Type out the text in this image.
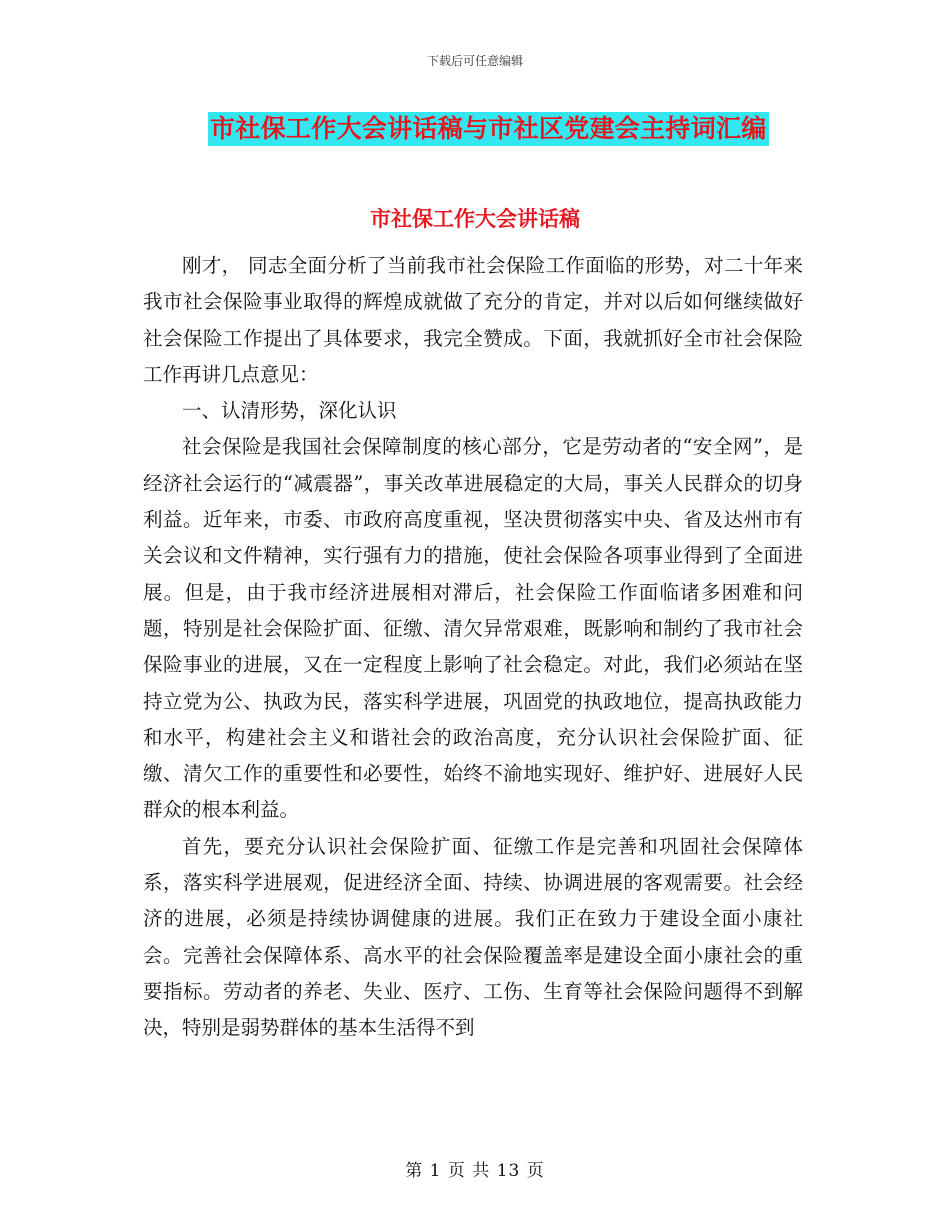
下载后可任意编辑
市社保工作大会讲话稿与市社区党建会主持词汇编
市社保工作大会讲话稿

刚才， 同志全面分析了当前我市社会保险工作面临的形势，对二十年来我市社会保险事业取得的辉煌成就做了充分的肯定，并对以后如何继续做好社会保险工作提出了具体要求，我完全赞成。下面，我就抓好全市社会保险工作再讲几点意见：

一、认清形势，深化认识

社会保险是我国社会保障制度的核心部分，它是劳动者的“安全网”，是经济社会运行的“减震器”，事关改革进展稳定的大局，事关人民群众的切身利益。近年来，市委、市政府高度重视，坚决贯彻落实中央、省及达州市有关会议和文件精神，实行强有力的措施，使社会保险各项事业得到了全面进展。但是，由于我市经济进展相对滞后，社会保险工作面临诸多困难和问题，特别是社会保险扩面、征缴、清欠异常艰难，既影响和制约了我市社会保险事业的进展，又在一定程度上影响了社会稳定。对此，我们必须站在坚持立党为公、执政为民，落实科学进展，巩固党的执政地位，提高执政能力和水平，构建社会主义和谐社会的政治高度，充分认识社会保险扩面、征缴、清欠工作的重要性和必要性，始终不渝地实现好、维护好、进展好人民群众的根本利益。

首先，要充分认识社会保险扩面、征缴工作是完善和巩固社会保障体系，落实科学进展观，促进经济全面、持续、协调进展的客观需要。社会经济的进展，必须是持续协调健康的进展。我们正在致力于建设全面小康社会。完善社会保障体系、高水平的社会保险覆盖率是建设全面小康社会的重要指标。劳动者的养老、失业、医疗、工伤、生育等社会保险问题得不到解决，特别是弱势群体的基本生活得不到

第 1 页 共 13 页
